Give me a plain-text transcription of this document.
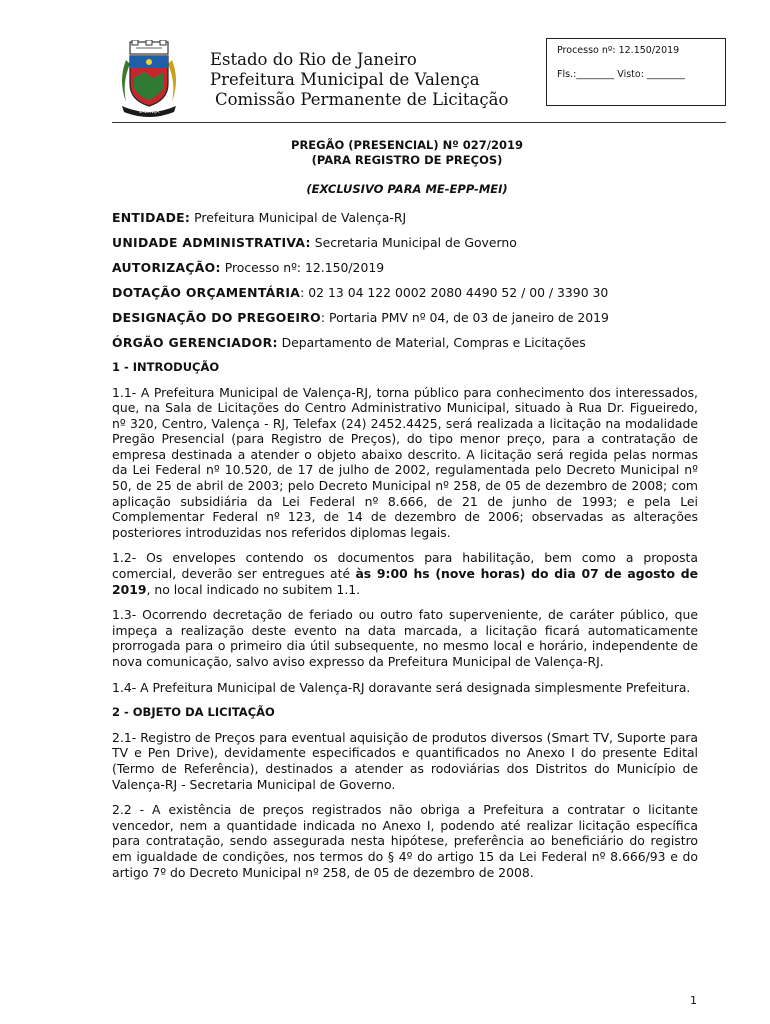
VALENÇA
Estado do Rio de Janeiro
Prefeitura Municipal de Valença
Comissão Permanente de Licitação
Processo nº: 12.150/2019
Fls.:________ Visto: ________
PREGÃO (PRESENCIAL) Nº 027/2019
(PARA REGISTRO DE PREÇOS)
(EXCLUSIVO PARA ME-EPP-MEI)
ENTIDADE: Prefeitura Municipal de Valença-RJ
UNIDADE ADMINISTRATIVA: Secretaria Municipal de Governo
AUTORIZAÇÃO: Processo nº: 12.150/2019
DOTAÇÃO ORÇAMENTÁRIA: 02 13 04 122 0002 2080 4490 52 / 00 / 3390 30
DESIGNAÇÃO DO PREGOEIRO: Portaria PMV nº 04, de 03 de janeiro de 2019
ÓRGÃO GERENCIADOR: Departamento de Material, Compras e Licitações
1 - INTRODUÇÃO

1.1- A Prefeitura Municipal de Valença-RJ, torna público para conhecimento dos interessados, que, na Sala de Licitações do Centro Administrativo Municipal, situado à Rua Dr. Figueiredo, nº 320, Centro, Valença - RJ, Telefax (24) 2452.4425, será realizada a licitação na modalidade Pregão Presencial (para Registro de Preços), do tipo menor preço, para a contratação de empresa destinada a atender o objeto abaixo descrito. A licitação será regida pelas normas da Lei Federal nº 10.520, de 17 de julho de 2002, regulamentada pelo Decreto Municipal nº 50, de 25 de abril de 2003; pelo Decreto Municipal nº 258, de 05 de dezembro de 2008; com aplicação subsidiária da Lei Federal nº 8.666, de 21 de junho de 1993; e pela Lei Complementar Federal nº 123, de 14 de dezembro de 2006; observadas as alterações posteriores introduzidas nos referidos diplomas legais.

1.2- Os envelopes contendo os documentos para habilitação, bem como a proposta comercial, deverão ser entregues até às 9:00 hs (nove horas) do dia 07 de agosto de 2019, no local indicado no subitem 1.1.

1.3- Ocorrendo decretação de feriado ou outro fato superveniente, de caráter público, que impeça a realização deste evento na data marcada, a licitação ficará automaticamente prorrogada para o primeiro dia útil subsequente, no mesmo local e horário, independente de nova comunicação, salvo aviso expresso da Prefeitura Municipal de Valença-RJ.

1.4- A Prefeitura Municipal de Valença-RJ doravante será designada simplesmente Prefeitura.

2 - OBJETO DA LICITAÇÃO

2.1- Registro de Preços para eventual aquisição de produtos diversos (Smart TV, Suporte para TV e Pen Drive), devidamente especificados e quantificados no Anexo I do presente Edital (Termo de Referência), destinados a atender as rodoviárias dos Distritos do Município de Valença-RJ - Secretaria Municipal de Governo.

2.2 - A existência de preços registrados não obriga a Prefeitura a contratar o licitante vencedor, nem a quantidade indicada no Anexo I, podendo até realizar licitação específica para contratação, sendo assegurada nesta hipótese, preferência ao beneficiário do registro em igualdade de condições, nos termos do § 4º do artigo 15 da Lei Federal nº 8.666/93 e do artigo 7º do Decreto Municipal nº 258, de 05 de dezembro de 2008.

1
